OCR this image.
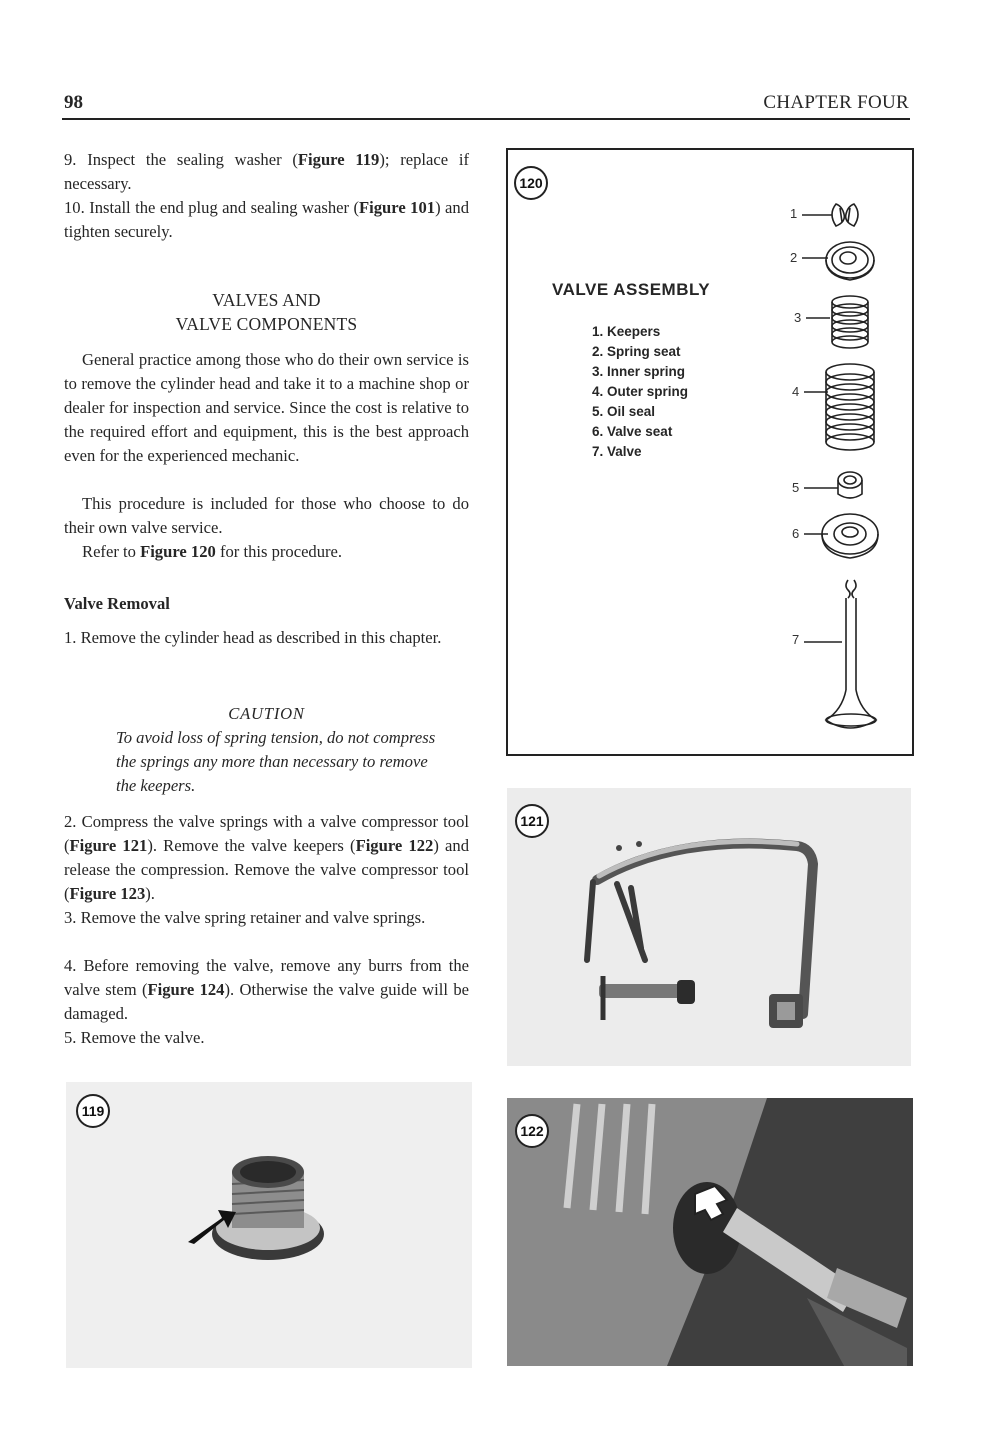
98	CHAPTER FOUR

9. Inspect the sealing washer (Figure 119); replace if necessary.

10. Install the end plug and sealing washer (Figure 101) and tighten securely.

VALVES AND
VALVE COMPONENTS

General practice among those who do their own service is to remove the cylinder head and take it to a machine shop or dealer for inspection and service. Since the cost is relative to the required effort and equipment, this is the best approach even for the experienced mechanic.

This procedure is included for those who choose to do their own valve service.

Refer to Figure 120 for this procedure.

Valve Removal

1. Remove the cylinder head as described in this chapter.

CAUTION
To avoid loss of spring tension, do not compress the springs any more than necessary to remove the keepers.

2. Compress the valve springs with a valve compressor tool (Figure 121). Remove the valve keepers (Figure 122) and release the compression. Remove the valve compressor tool (Figure 123).

3. Remove the valve spring retainer and valve springs.

4. Before removing the valve, remove any burrs from the valve stem (Figure 124). Otherwise the valve guide will be damaged.

5. Remove the valve.

120
VALVE ASSEMBLY
1. Keepers
2. Spring seat
3. Inner spring
4. Outer spring
5. Oil seal
6. Valve seat
7. Valve
1
2
3
4
5
6
7
121
122
119
